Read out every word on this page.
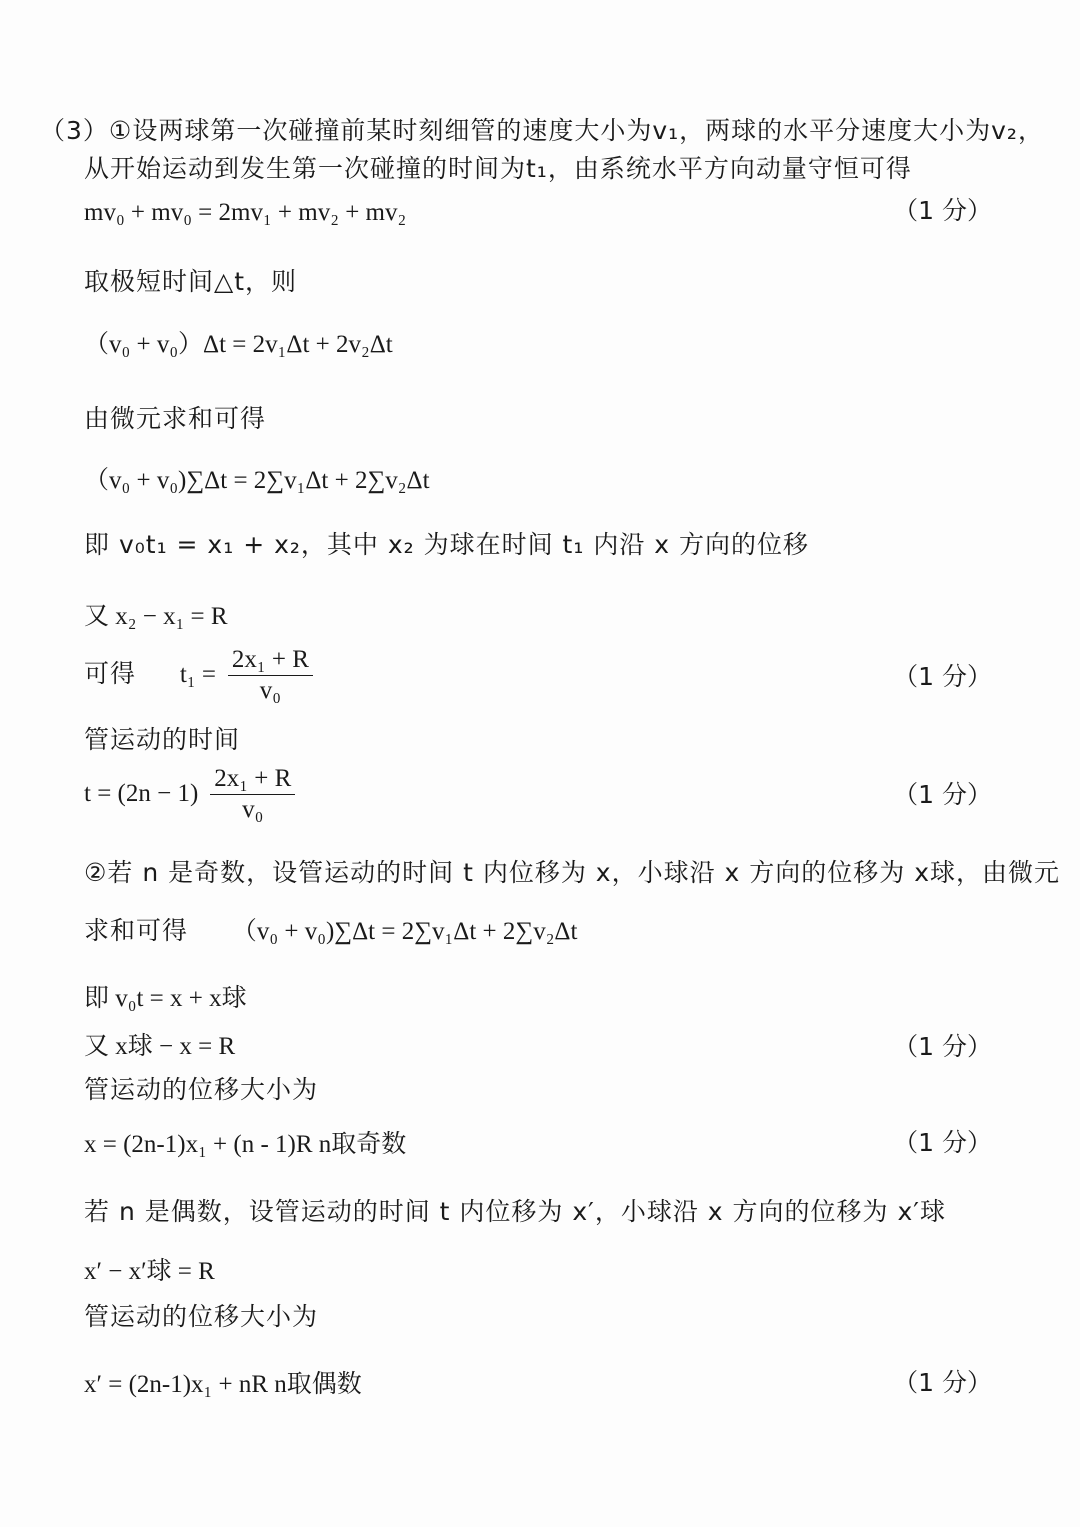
（3）①设两球第一次碰撞前某时刻细管的速度大小为v₁，两球的水平分速度大小为v₂，
从开始运动到发生第一次碰撞的时间为t₁，由系统水平方向动量守恒可得
mv₀ + mv₀ = 2mv₁ + mv₂ + mv₂	（1 分）
取极短时间△t，则
（v₀ + v₀）Δt = 2v₁Δt + 2v₂Δt
由微元求和可得
（v₀ + v₀)∑Δt = 2∑v₁Δt + 2∑v₂Δt
即 v₀t₁ = x₁ + x₂，其中 x₂ 为球在时间 t₁ 内沿 x 方向的位移
又 x₂ − x₁ = R
可得 $t_1 = \frac{\text{2x₁ + R}}{\text{v₀}}$	（1 分）
管运动的时间
$t = (2n - 1) \frac{\text{2x₁ + R}}{\text{v₀}}$	（1 分）
②若 n 是奇数，设管运动的时间 t 内位移为 x，小球沿 x 方向的位移为 x球，由微元
求和可得 （v₀ + v₀)∑Δt = 2∑v₁Δt + 2∑v₂Δt
即 v₀t = x + x球
又 x球 − x = R	（1 分）
管运动的位移大小为
x = (2n-1)x₁ + (n - 1)R n取奇数	（1 分）
若 n 是偶数，设管运动的时间 t 内位移为 x′，小球沿 x 方向的位移为 x′球
x′ − x′球 = R
管运动的位移大小为
x′ = (2n-1)x₁ + nR n取偶数	（1 分）
